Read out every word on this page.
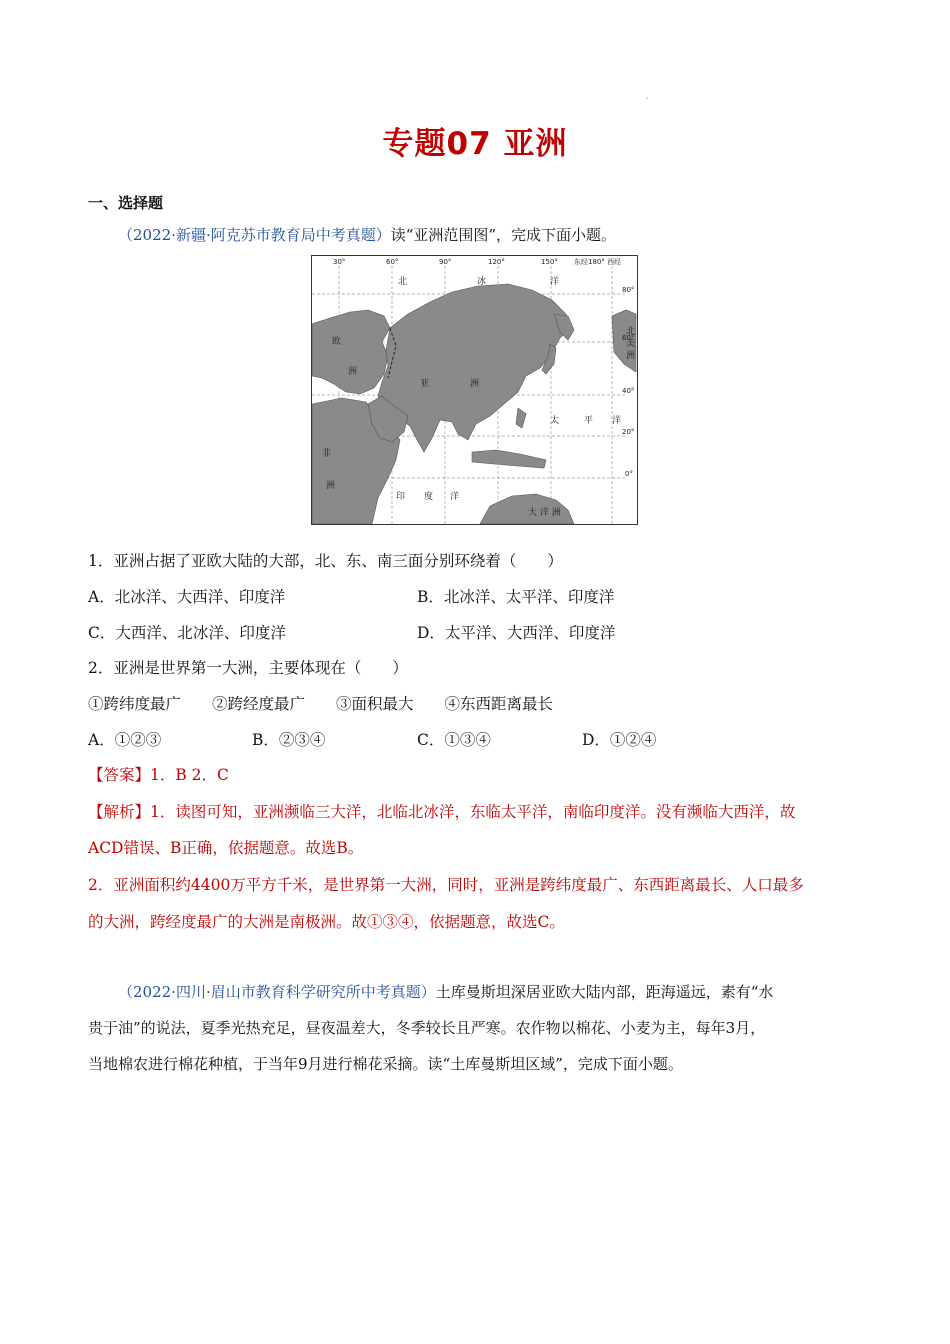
'
专题07 亚洲
一、选择题
（2022·新疆·阿克苏市教育局中考真题）读“亚洲范围图”，完成下面小题。
30°	60°	90°	120°	150° 东经180° 西经
80°
60°
40°
20°
0°
北	冰	洋
欧
洲
亚	洲
非
洲
太	平 洋
印 度 洋
大 洋 洲
北
美
洲
1．亚洲占据了亚欧大陆的大部，北、东、南三面分别环绕着（　　）
A．北冰洋、大西洋、印度洋	B．北冰洋、太平洋、印度洋
C．大西洋、北冰洋、印度洋	D．太平洋、大西洋、印度洋
2．亚洲是世界第一大洲，主要体现在（　　）
①跨纬度最广　　②跨经度最广　　③面积最大　　④东西距离最长
A．①②③	B．②③④	C．①③④	D．①②④
【答案】1．B 2．C
【解析】1．读图可知，亚洲濒临三大洋，北临北冰洋，东临太平洋，南临印度洋。没有濒临大西洋，故
ACD错误、B正确，依据题意。故选B。
2．亚洲面积约4400万平方千米，是世界第一大洲，同时，亚洲是跨纬度最广、东西距离最长、人口最多
的大洲，跨经度最广的大洲是南极洲。故①③④，依据题意，故选C。

（2022·四川·眉山市教育科学研究所中考真题）土库曼斯坦深居亚欧大陆内部，距海遥远，素有“水

贵于油”的说法，夏季光热充足，昼夜温差大，冬季较长且严寒。农作物以棉花、小麦为主，每年3月，

当地棉农进行棉花种植，于当年9月进行棉花采摘。读“土库曼斯坦区域”，完成下面小题。
